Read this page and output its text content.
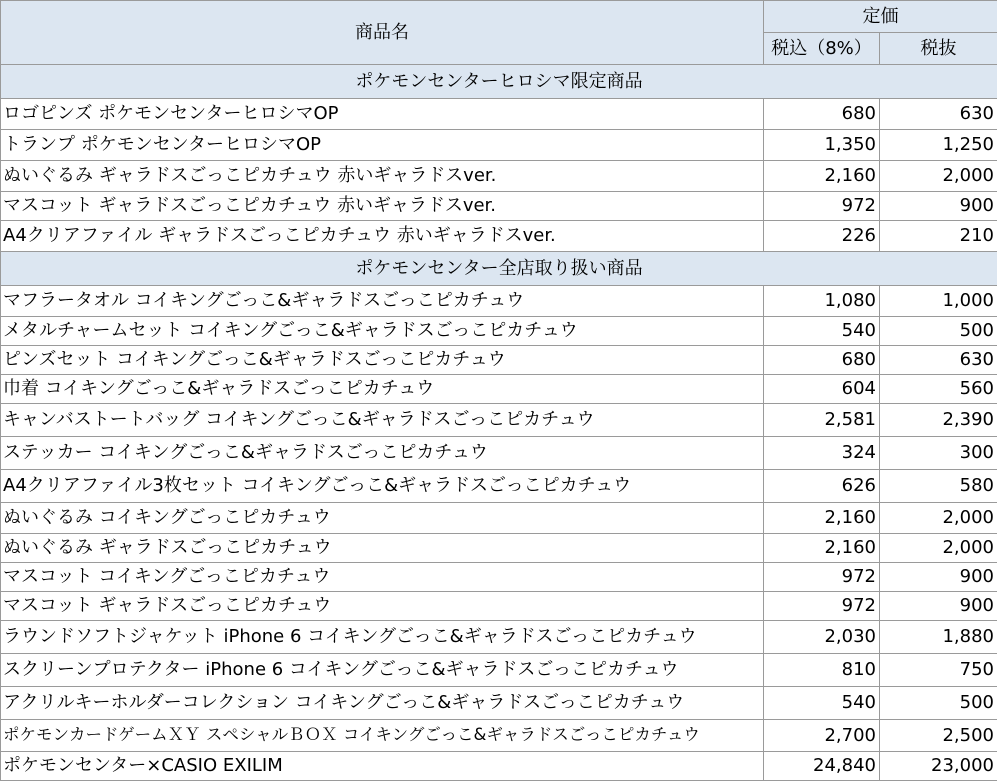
商品名	定価	
	税込（8%）	税抜
ポケモンセンターヒロシマ限定商品		
ロゴピンズ ポケモンセンターヒロシマOP	680	630
トランプ ポケモンセンターヒロシマOP	1,350	1,250
ぬいぐるみ ギャラドスごっこピカチュウ 赤いギャラドスver.	2,160	2,000
マスコット ギャラドスごっこピカチュウ 赤いギャラドスver.	972	900
A4クリアファイル ギャラドスごっこピカチュウ 赤いギャラドスver.	226	210
ポケモンセンター全店取り扱い商品		
マフラータオル コイキングごっこ&ギャラドスごっこピカチュウ	1,080	1,000
メタルチャームセット コイキングごっこ&ギャラドスごっこピカチュウ	540	500
ピンズセット コイキングごっこ&ギャラドスごっこピカチュウ	680	630
巾着 コイキングごっこ&ギャラドスごっこピカチュウ	604	560
キャンバストートバッグ コイキングごっこ&ギャラドスごっこピカチュウ	2,581	2,390
ステッカー コイキングごっこ&ギャラドスごっこピカチュウ	324	300
A4クリアファイル3枚セット コイキングごっこ&ギャラドスごっこピカチュウ	626	580
ぬいぐるみ コイキングごっこピカチュウ	2,160	2,000
ぬいぐるみ ギャラドスごっこピカチュウ	2,160	2,000
マスコット コイキングごっこピカチュウ	972	900
マスコット ギャラドスごっこピカチュウ	972	900
ラウンドソフトジャケット iPhone 6 コイキングごっこ&ギャラドスごっこピカチュウ	2,030	1,880
スクリーンプロテクター iPhone 6 コイキングごっこ&ギャラドスごっこピカチュウ	810	750
アクリルキーホルダーコレクション コイキングごっこ&ギャラドスごっこピカチュウ	540	500
ポケモンカードゲームＸＹ スペシャルＢＯＸ コイキングごっこ&ギャラドスごっこピカチュウ	2,700	2,500
ポケモンセンター×CASIO EXILIM	24,840	23,000
